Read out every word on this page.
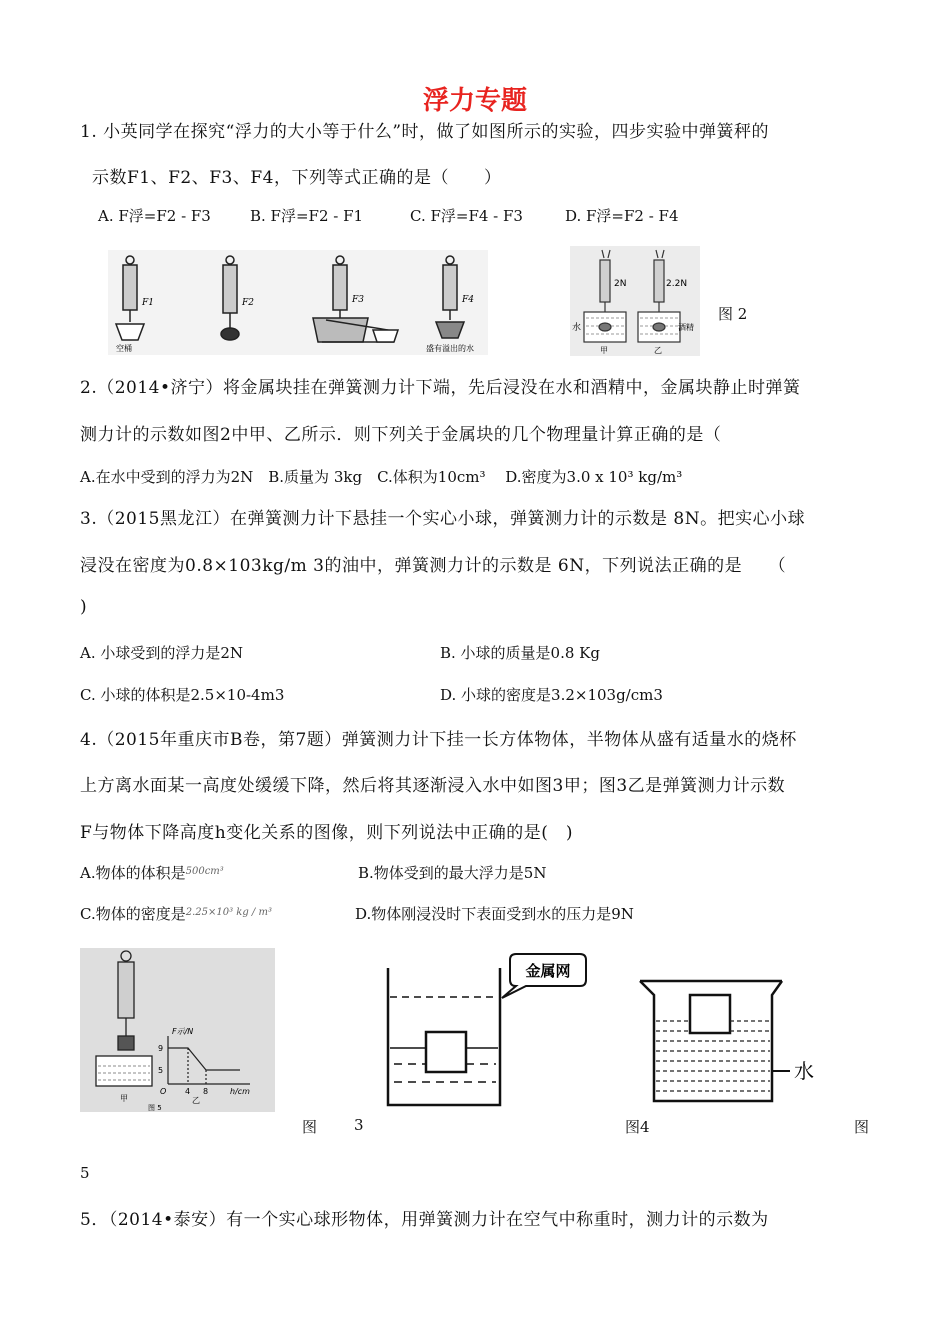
浮力专题
1. 小英同学在探究“浮力的大小等于什么”时，做了如图所示的实验，四步实验中弹簧秤的
示数F1、F2、F3、F4，下列等式正确的是（　　）
A. F浮=F2 - F3	B. F浮=F2 - F1	C. F浮=F4 - F3	D. F浮=F2 - F4
F1
空桶
F2	F3	F4
盛有溢出的水
2N	2.2N
水	酒精
甲	乙
图 2
2.（2014•济宁）将金属块挂在弹簧测力计下端，先后浸没在水和酒精中，金属块静止时弹簧
测力计的示数如图2中甲、乙所示．则下列关于金属块的几个物理量计算正确的是（
A.在水中受到的浮力为2N　B.质量为 3kg　C.体积为10cm³　 D.密度为3.0 x 10³ kg/m³
3.（2015黑龙江）在弹簧测力计下悬挂一个实心小球，弹簧测力计的示数是 8N。把实心小球
浸没在密度为0.8×103kg/m 3的油中，弹簧测力计的示数是 6N，下列说法正确的是　　（
)
A. 小球受到的浮力是2N	B. 小球的质量是0.8 Kg
C. 小球的体积是2.5×10-4m3	D. 小球的密度是3.2×103g/cm3
4.（2015年重庆市B卷，第7题）弹簧测力计下挂一长方体物体，半物体从盛有适量水的烧杯
上方离水面某一高度处缓缓下降，然后将其逐渐浸入水中如图3甲；图3乙是弹簧测力计示数
F与物体下降高度h变化关系的图像，则下列说法中正确的是(　)
A.物体的体积是$^{500cm^3}$	B.物体受到的最大浮力是5N
C.物体的密度是$^{2.25\times 10^3 kg / m^3}$	D.物体刚浸没时下表面受到水的压力是9N
F示/N
9
5
O 4 8	h/cm
甲	乙
图 5
金属网
水
图 3	图4	图
5
5．（2014•泰安）有一个实心球形物体，用弹簧测力计在空气中称重时，测力计的示数为
